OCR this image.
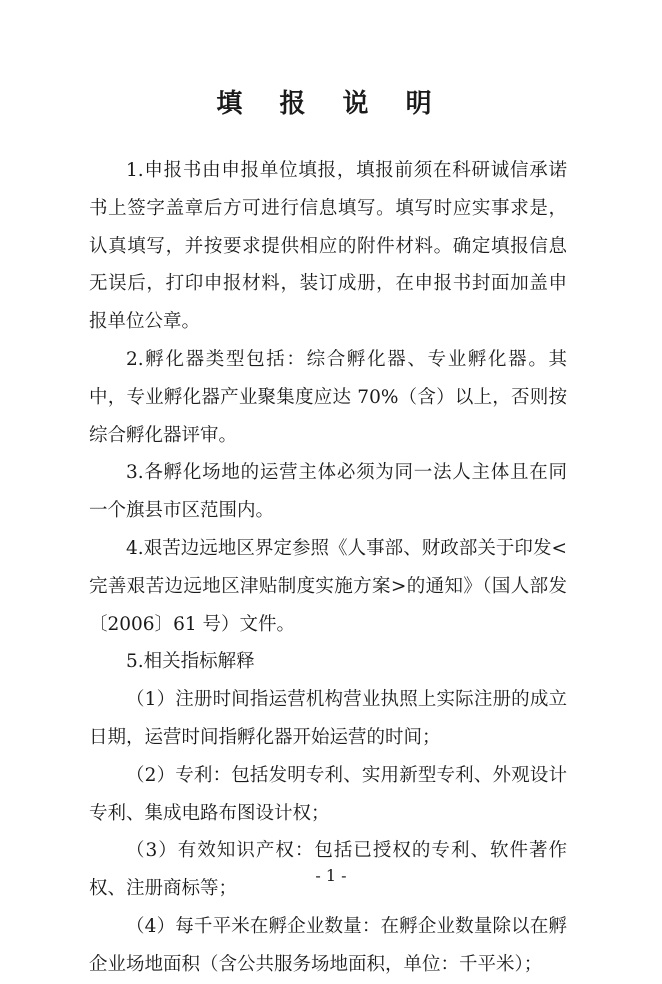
填 报 说 明

1.申报书由申报单位填报，填报前须在科研诚信承诺书上签字盖章后方可进行信息填写。填写时应实事求是，认真填写，并按要求提供相应的附件材料。确定填报信息无误后，打印申报材料，装订成册，在申报书封面加盖申报单位公章。

2.孵化器类型包括：综合孵化器、专业孵化器。其中，专业孵化器产业聚集度应达 70%（含）以上，否则按综合孵化器评审。

3.各孵化场地的运营主体必须为同一法人主体且在同一个旗县市区范围内。

4.艰苦边远地区界定参照《人事部、财政部关于印发<完善艰苦边远地区津贴制度实施方案>的通知》（国人部发〔2006〕61 号）文件。

5.相关指标解释

（1）注册时间指运营机构营业执照上实际注册的成立日期，运营时间指孵化器开始运营的时间；

（2）专利：包括发明专利、实用新型专利、外观设计专利、集成电路布图设计权；

（3）有效知识产权：包括已授权的专利、软件著作权、注册商标等；

（4）每千平米在孵企业数量：在孵企业数量除以在孵企业场地面积（含公共服务场地面积，单位：千平米）；

- 1 -
